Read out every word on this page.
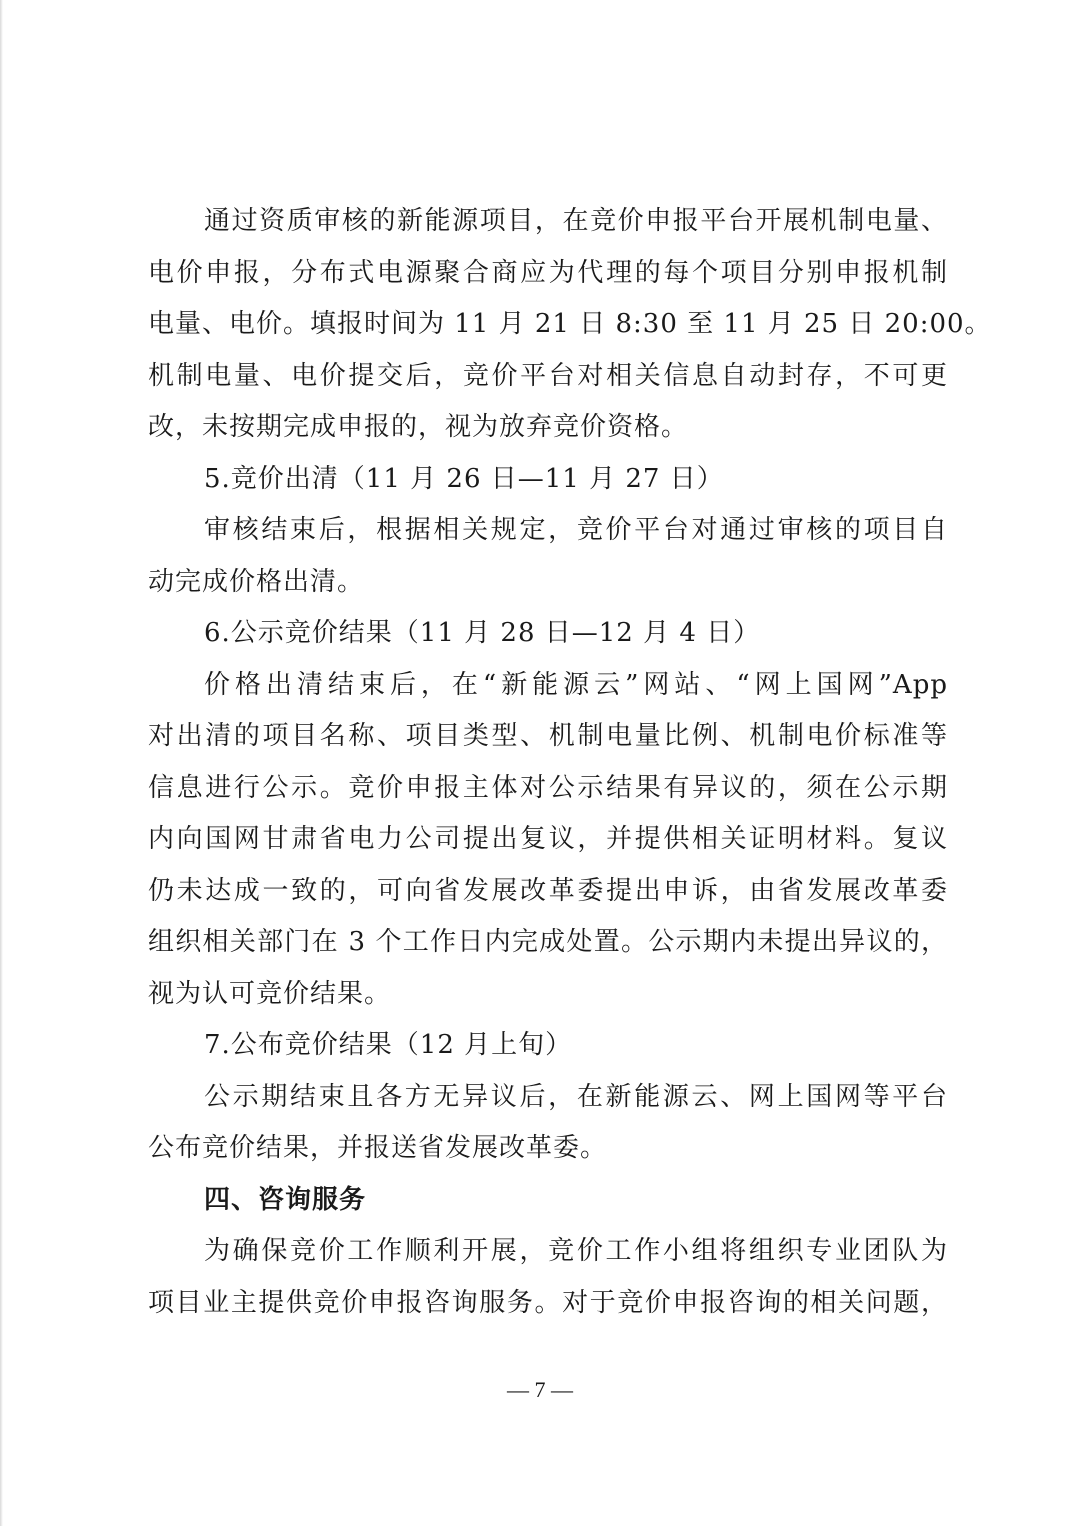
通过资质审核的新能源项目，在竞价申报平台开展机制电量、
电价申报，分布式电源聚合商应为代理的每个项目分别申报机制
电量、电价。填报时间为 11 月 21 日 8:30 至 11 月 25 日 20:00。
机制电量、电价提交后，竞价平台对相关信息自动封存，不可更
改，未按期完成申报的，视为放弃竞价资格。
5.竞价出清（11 月 26 日—11 月 27 日）
审核结束后，根据相关规定，竞价平台对通过审核的项目自
动完成价格出清。
6.公示竞价结果（11 月 28 日—12 月 4 日）
价格出清结束后，在“新能源云”网站、“网上国网”App
对出清的项目名称、项目类型、机制电量比例、机制电价标准等
信息进行公示。竞价申报主体对公示结果有异议的，须在公示期
内向国网甘肃省电力公司提出复议，并提供相关证明材料。复议
仍未达成一致的，可向省发展改革委提出申诉，由省发展改革委
组织相关部门在 3 个工作日内完成处置。公示期内未提出异议的，
视为认可竞价结果。
7.公布竞价结果（12 月上旬）
公示期结束且各方无异议后，在新能源云、网上国网等平台
公布竞价结果，并报送省发展改革委。
四、咨询服务
为确保竞价工作顺利开展，竞价工作小组将组织专业团队为
项目业主提供竞价申报咨询服务。对于竞价申报咨询的相关问题，
— 7 —
